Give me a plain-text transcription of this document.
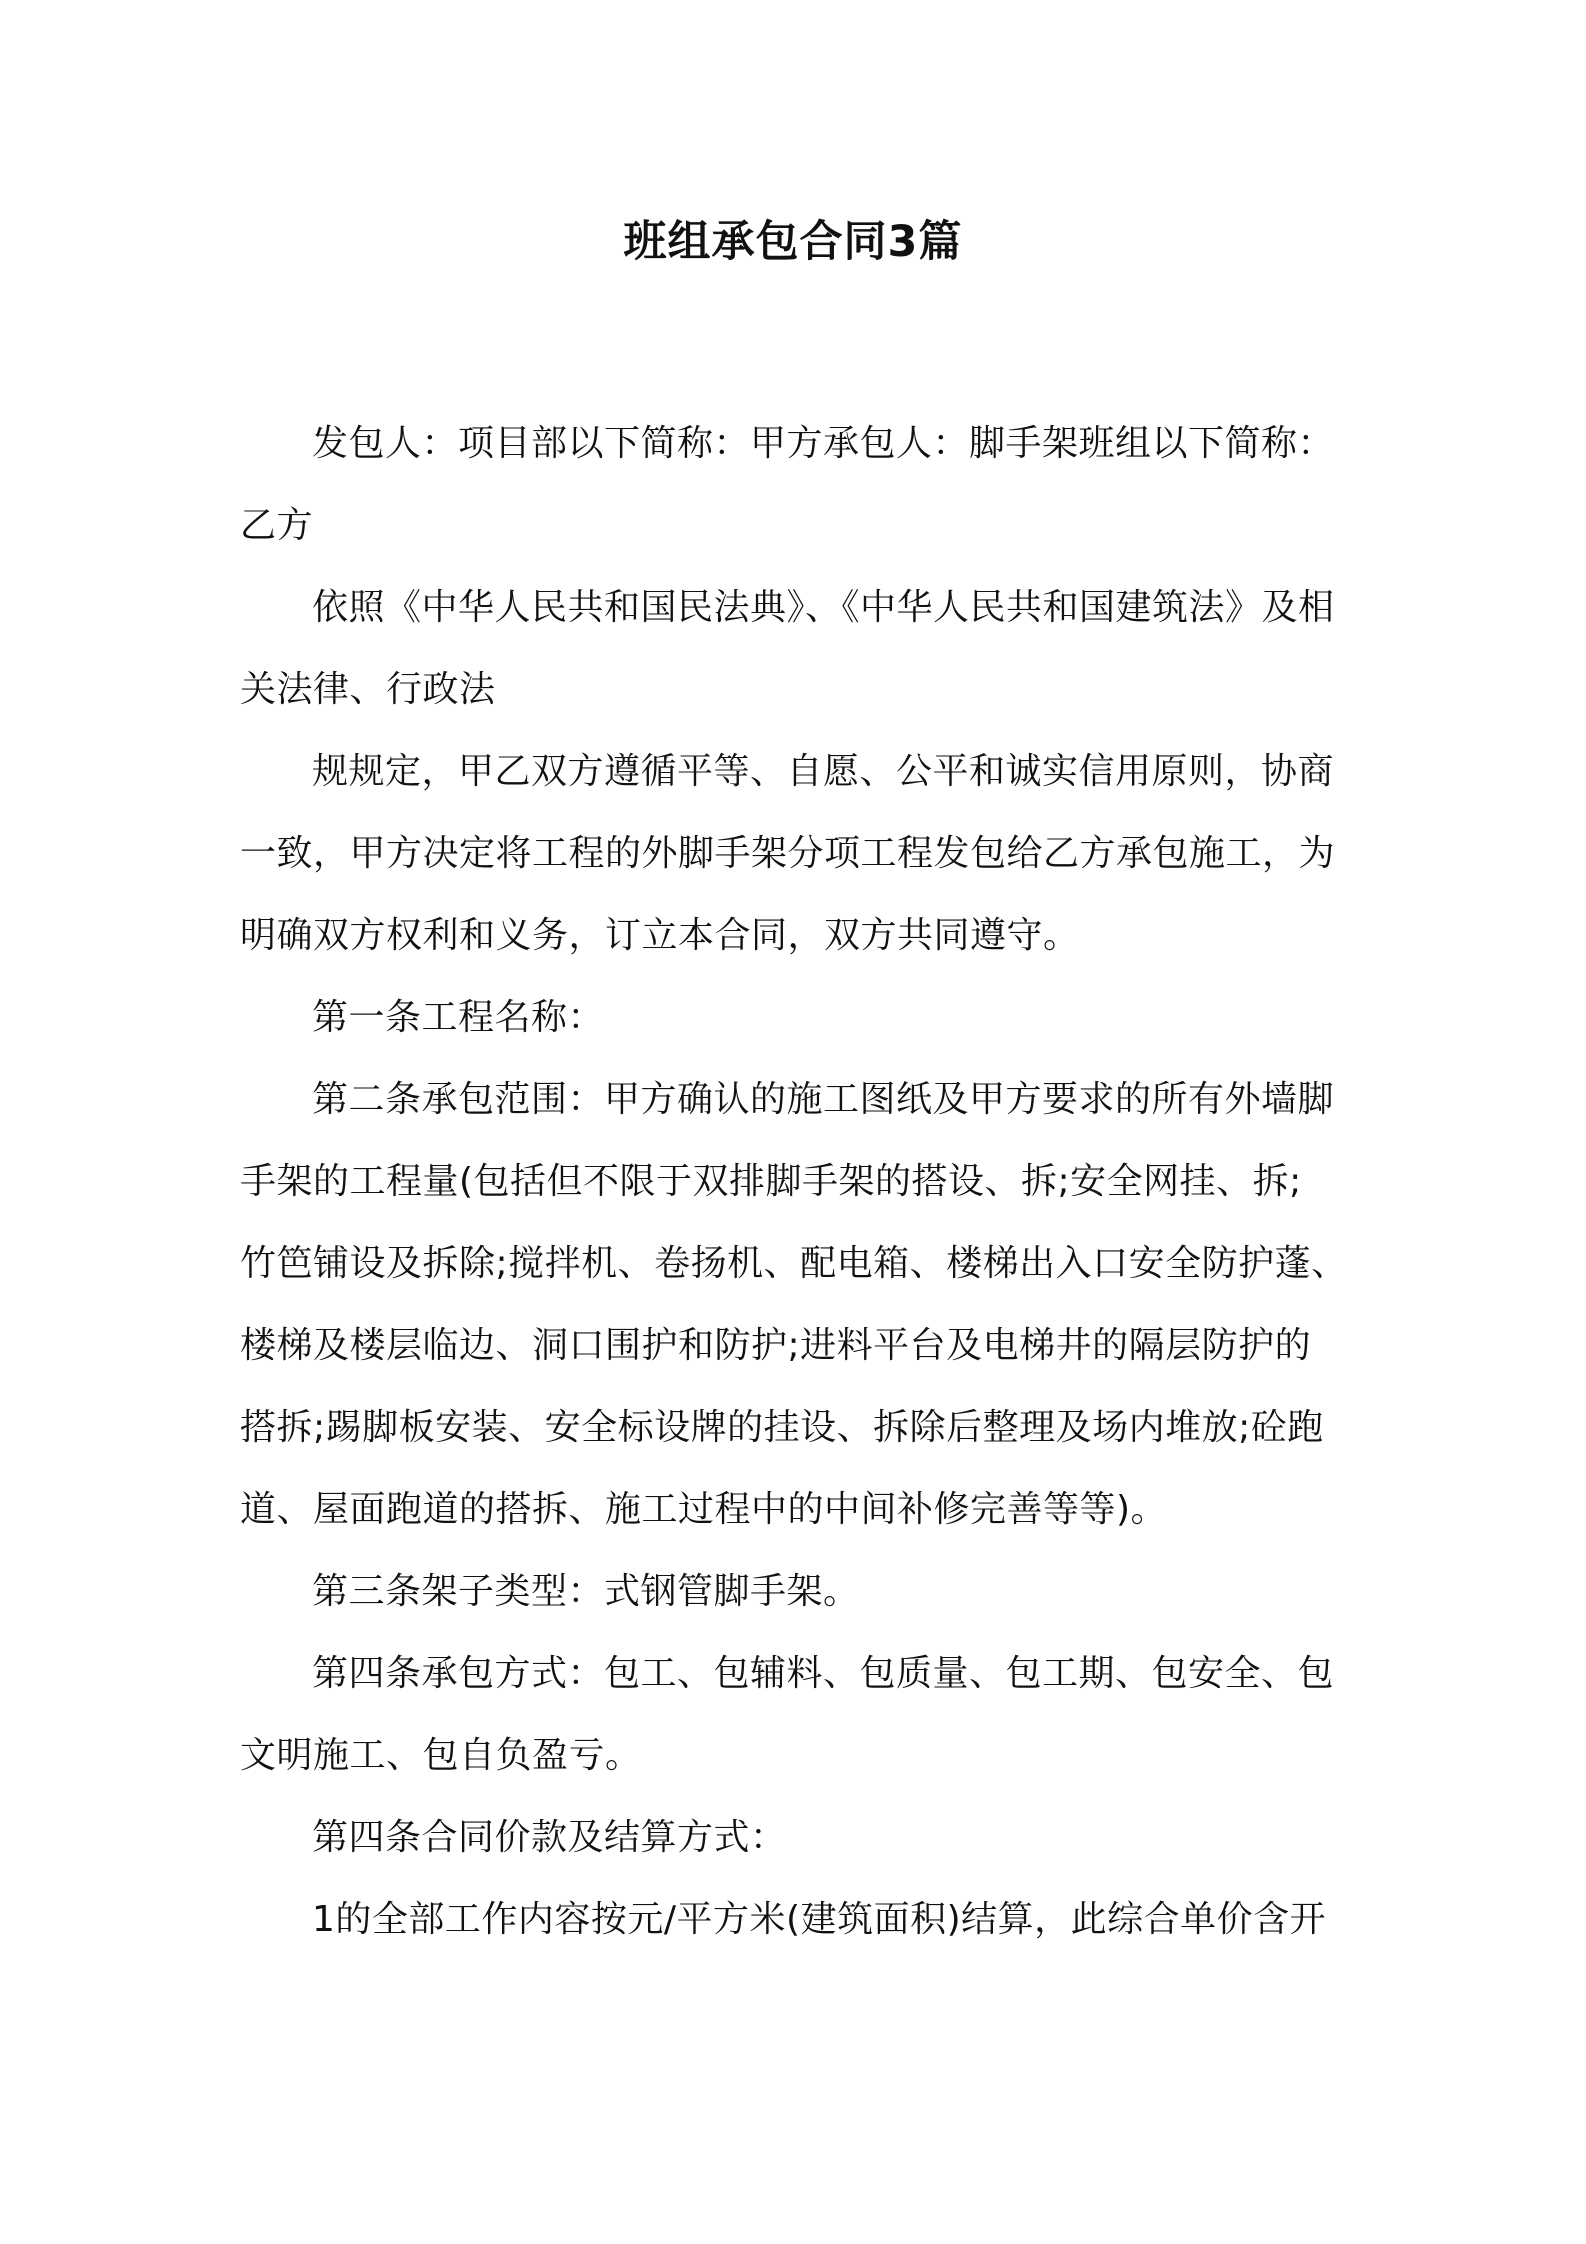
班组承包合同3篇
发包人：项目部以下简称：甲方承包人：脚手架班组以下简称：
乙方
依照《中华人民共和国民法典》、《中华人民共和国建筑法》及相
关法律、行政法
规规定，甲乙双方遵循平等、自愿、公平和诚实信用原则，协商
一致，甲方决定将工程的外脚手架分项工程发包给乙方承包施工，为
明确双方权利和义务，订立本合同，双方共同遵守。
第一条工程名称：
第二条承包范围：甲方确认的施工图纸及甲方要求的所有外墙脚
手架的工程量(包括但不限于双排脚手架的搭设、拆;安全网挂、拆;
竹笆铺设及拆除;搅拌机、卷扬机、配电箱、楼梯出入口安全防护蓬、
楼梯及楼层临边、洞口围护和防护;进料平台及电梯井的隔层防护的
搭拆;踢脚板安装、安全标设牌的挂设、拆除后整理及场内堆放;砼跑
道、屋面跑道的搭拆、施工过程中的中间补修完善等等)。
第三条架子类型：式钢管脚手架。
第四条承包方式：包工、包辅料、包质量、包工期、包安全、包
文明施工、包自负盈亏。
第四条合同价款及结算方式：
1的全部工作内容按元/平方米(建筑面积)结算，此综合单价含开
